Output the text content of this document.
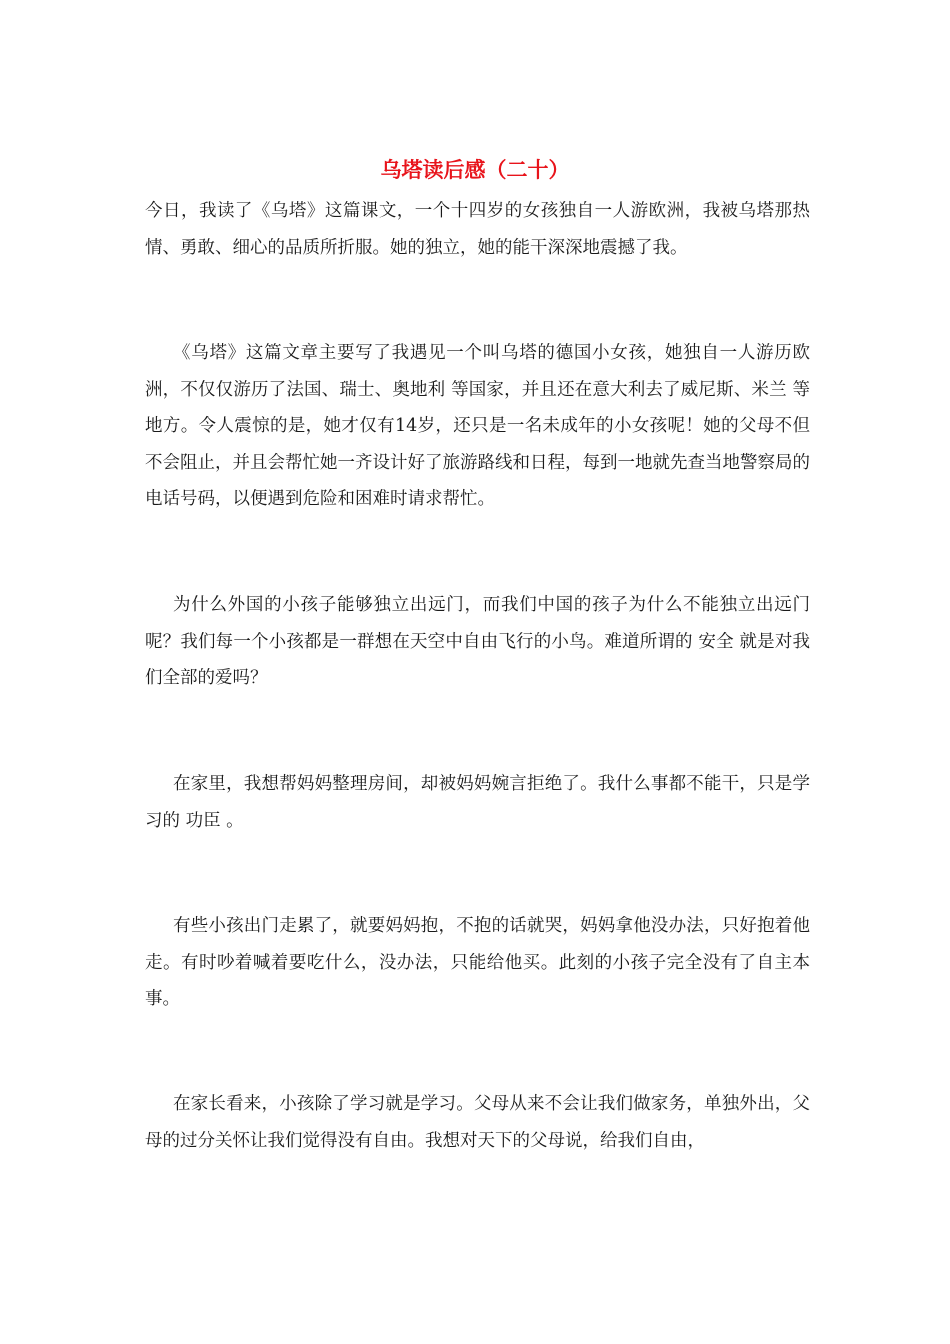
乌塔读后感（二十）

今日，我读了《乌塔》这篇课文，一个十四岁的女孩独自一人游欧洲，我被乌塔那热情、勇敢、细心的品质所折服。她的独立，她的能干深深地震撼了我。

《乌塔》这篇文章主要写了我遇见一个叫乌塔的德国小女孩，她独自一人游历欧洲，不仅仅游历了法国、瑞士、奥地利 等国家，并且还在意大利去了威尼斯、米兰 等地方。令人震惊的是，她才仅有14岁，还只是一名未成年的小女孩呢！她的父母不但不会阻止，并且会帮忙她一齐设计好了旅游路线和日程，每到一地就先查当地警察局的电话号码，以便遇到危险和困难时请求帮忙。

为什么外国的小孩子能够独立出远门，而我们中国的孩子为什么不能独立出远门呢？我们每一个小孩都是一群想在天空中自由飞行的小鸟。难道所谓的 安全 就是对我们全部的爱吗？

在家里，我想帮妈妈整理房间，却被妈妈婉言拒绝了。我什么事都不能干，只是学习的 功臣 。

有些小孩出门走累了，就要妈妈抱，不抱的话就哭，妈妈拿他没办法，只好抱着他走。有时吵着喊着要吃什么，没办法，只能给他买。此刻的小孩子完全没有了自主本事。

在家长看来，小孩除了学习就是学习。父母从来不会让我们做家务，单独外出，父母的过分关怀让我们觉得没有自由。我想对天下的父母说，给我们自由，
